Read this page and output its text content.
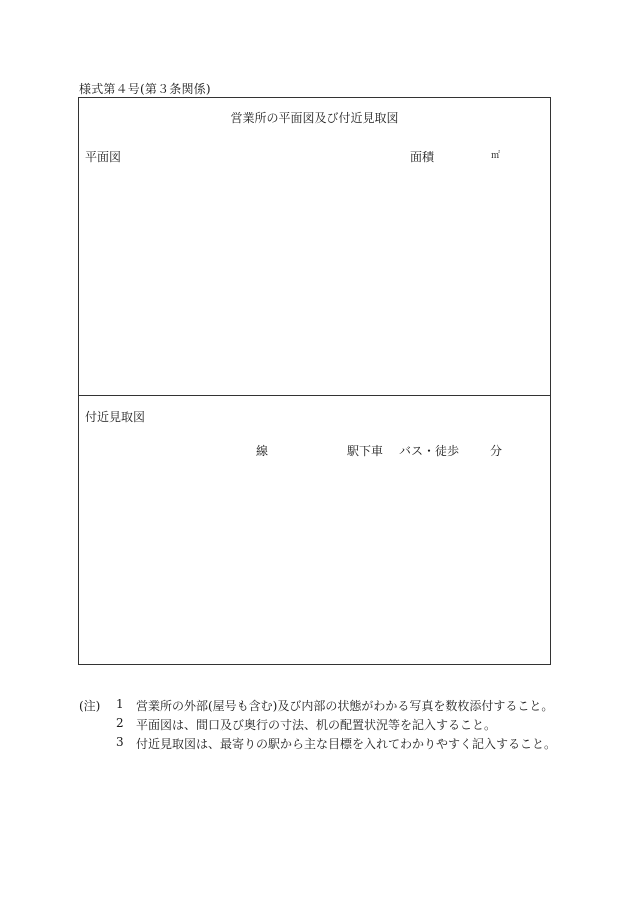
様式第４号(第３条関係)
営業所の平面図及び付近見取図
平面図	面積	㎡
付近見取図
線	駅下車 バス・徒歩	分
(注) 1 営業所の外部(屋号も含む)及び内部の状態がわかる写真を数枚添付すること。
2 平面図は、間口及び奥行の寸法、机の配置状況等を記入すること。
3 付近見取図は、最寄りの駅から主な目標を入れてわかりやすく記入すること。
